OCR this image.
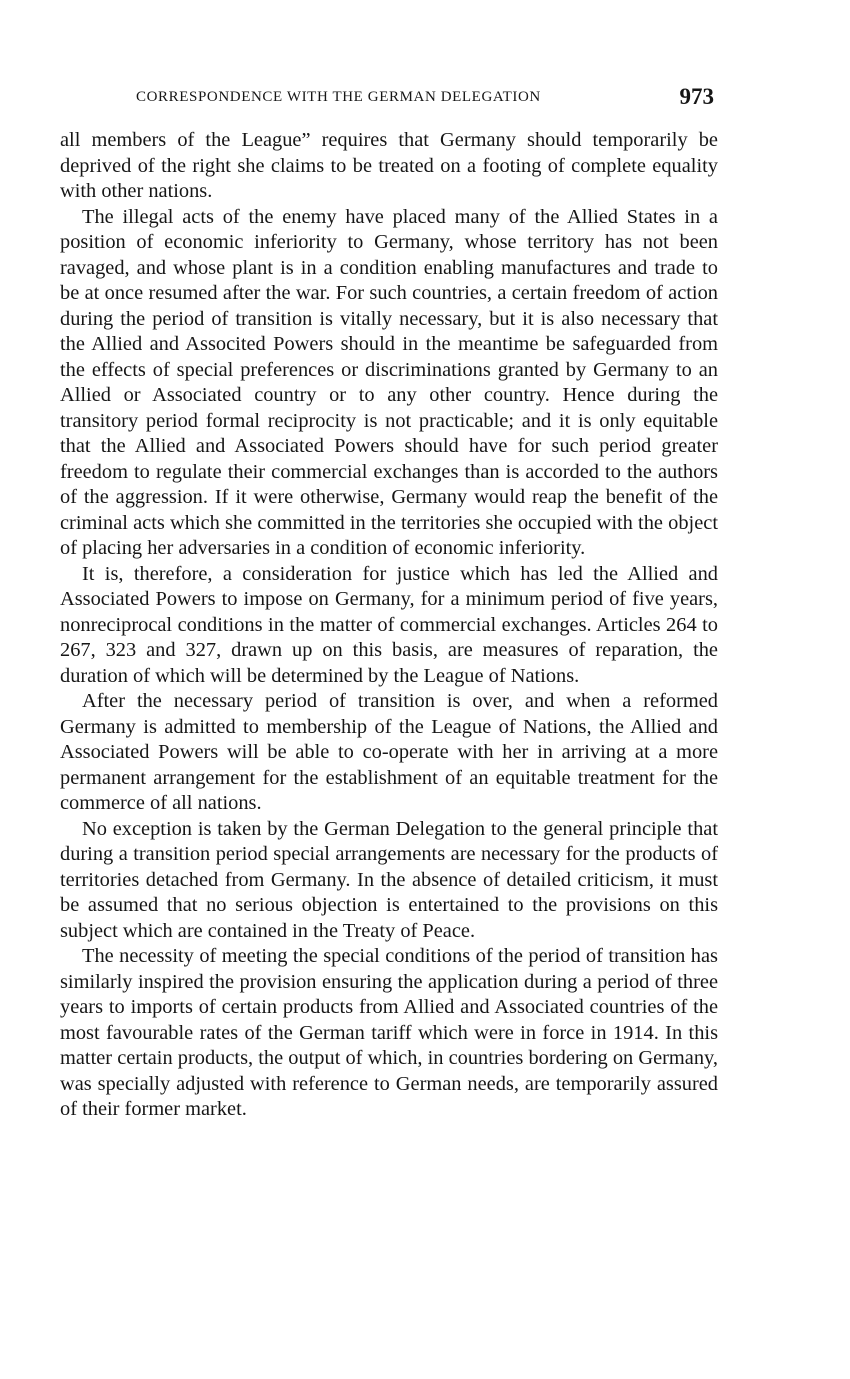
CORRESPONDENCE WITH THE GERMAN DELEGATION	973

all members of the League” requires that Germany should temporarily be deprived of the right she claims to be treated on a footing of complete equality with other nations.

The illegal acts of the enemy have placed many of the Allied States in a position of economic inferiority to Germany, whose territory has not been ravaged, and whose plant is in a condition enabling manufactures and trade to be at once resumed after the war. For such countries, a certain freedom of action during the period of transition is vitally necessary, but it is also necessary that the Allied and Associted Powers should in the meantime be safeguarded from the effects of special preferences or discriminations granted by Germany to an Allied or Associated country or to any other country. Hence during the transitory period formal reciprocity is not practicable; and it is only equitable that the Allied and Associated Powers should have for such period greater freedom to regulate their commercial exchanges than is accorded to the authors of the aggression. If it were otherwise, Germany would reap the benefit of the criminal acts which she committed in the territories she occupied with the object of placing her adversaries in a condition of economic inferiority.

It is, therefore, a consideration for justice which has led the Allied and Associated Powers to impose on Germany, for a minimum period of five years, nonreciprocal conditions in the matter of commercial exchanges. Articles 264 to 267, 323 and 327, drawn up on this basis, are measures of reparation, the duration of which will be determined by the League of Nations.

After the necessary period of transition is over, and when a reformed Germany is admitted to membership of the League of Nations, the Allied and Associated Powers will be able to co-operate with her in arriving at a more permanent arrangement for the establishment of an equitable treatment for the commerce of all nations.

No exception is taken by the German Delegation to the general principle that during a transition period special arrangements are necessary for the products of territories detached from Germany. In the absence of detailed criticism, it must be assumed that no serious objection is entertained to the provisions on this subject which are contained in the Treaty of Peace.

The necessity of meeting the special conditions of the period of transition has similarly inspired the provision ensuring the application during a period of three years to imports of certain products from Allied and Associated countries of the most favourable rates of the German tariff which were in force in 1914. In this matter certain products, the output of which, in countries bordering on Germany, was specially adjusted with reference to German needs, are temporarily assured of their former market.
